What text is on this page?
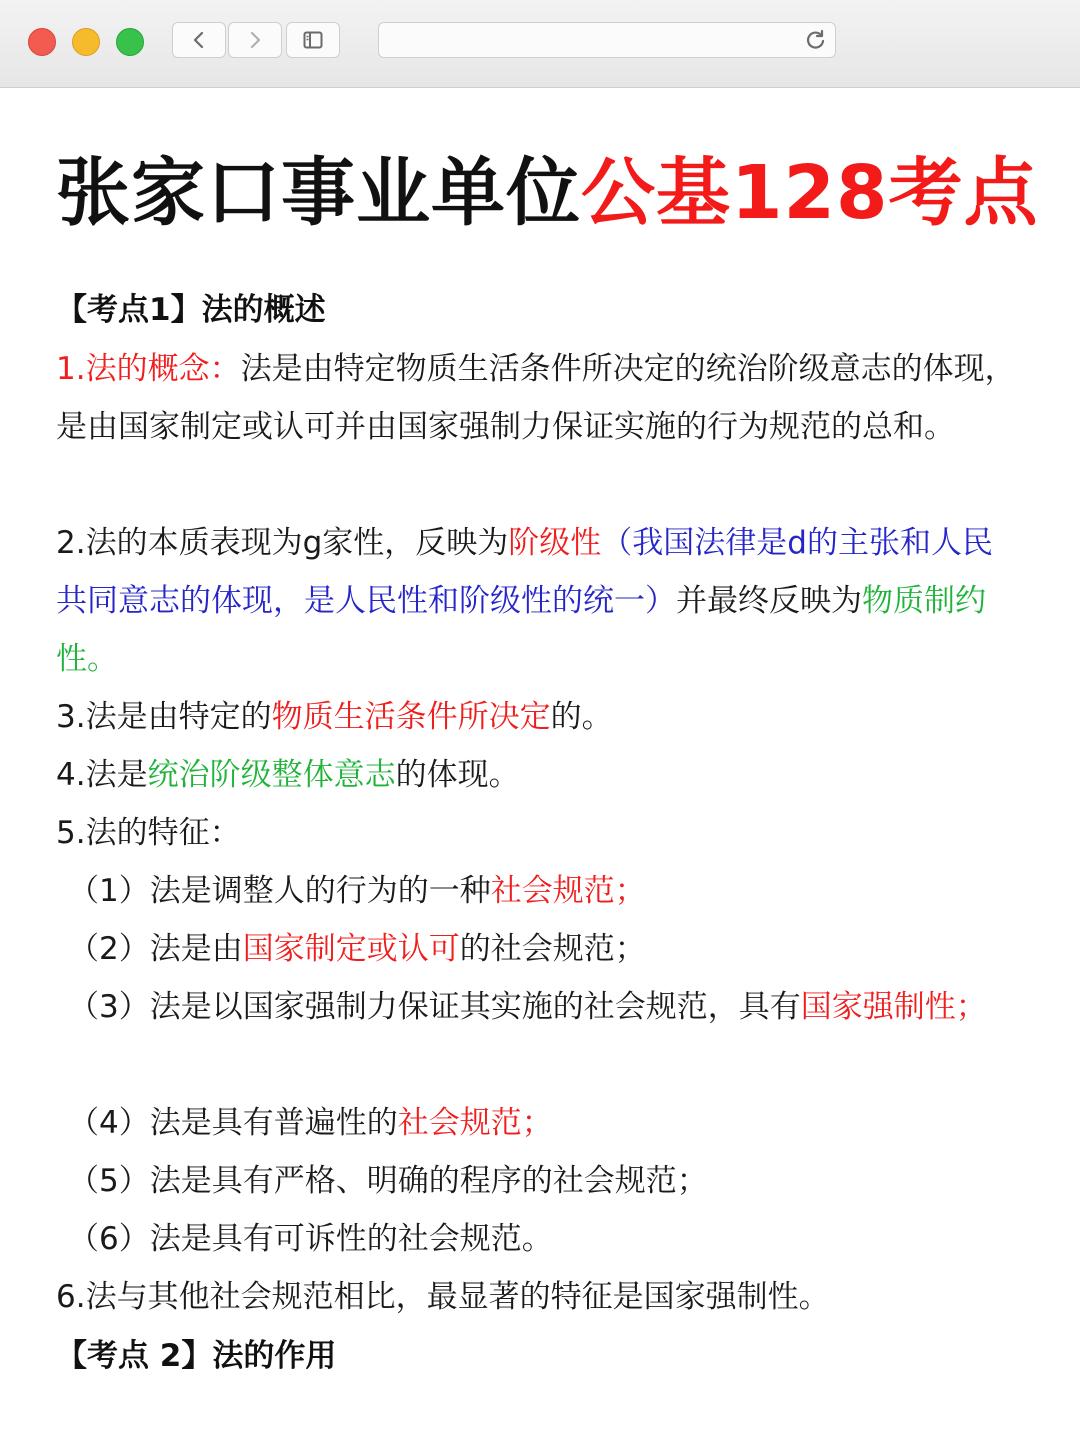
张家口事业单位公基128考点
【考点1】法的概述

1.法的概念：法是由特定物质生活条件所决定的统治阶级意志的体现，是由国家制定或认可并由国家强制力保证实施的行为规范的总和。

2.法的本质表现为g家性，反映为阶级性（我国法律是d的主张和人民共同意志的体现，是人民性和阶级性的统一）并最终反映为物质制约性。

3.法是由特定的物质生活条件所决定的。

4.法是统治阶级整体意志的体现。

5.法的特征：

（1）法是调整人的行为的一种社会规范；

（2）法是由国家制定或认可的社会规范；

（3）法是以国家强制力保证其实施的社会规范，具有国家强制性；

（4）法是具有普遍性的社会规范；

（5）法是具有严格、明确的程序的社会规范；

（6）法是具有可诉性的社会规范。

6.法与其他社会规范相比，最显著的特征是国家强制性。

【考点 2】法的作用
